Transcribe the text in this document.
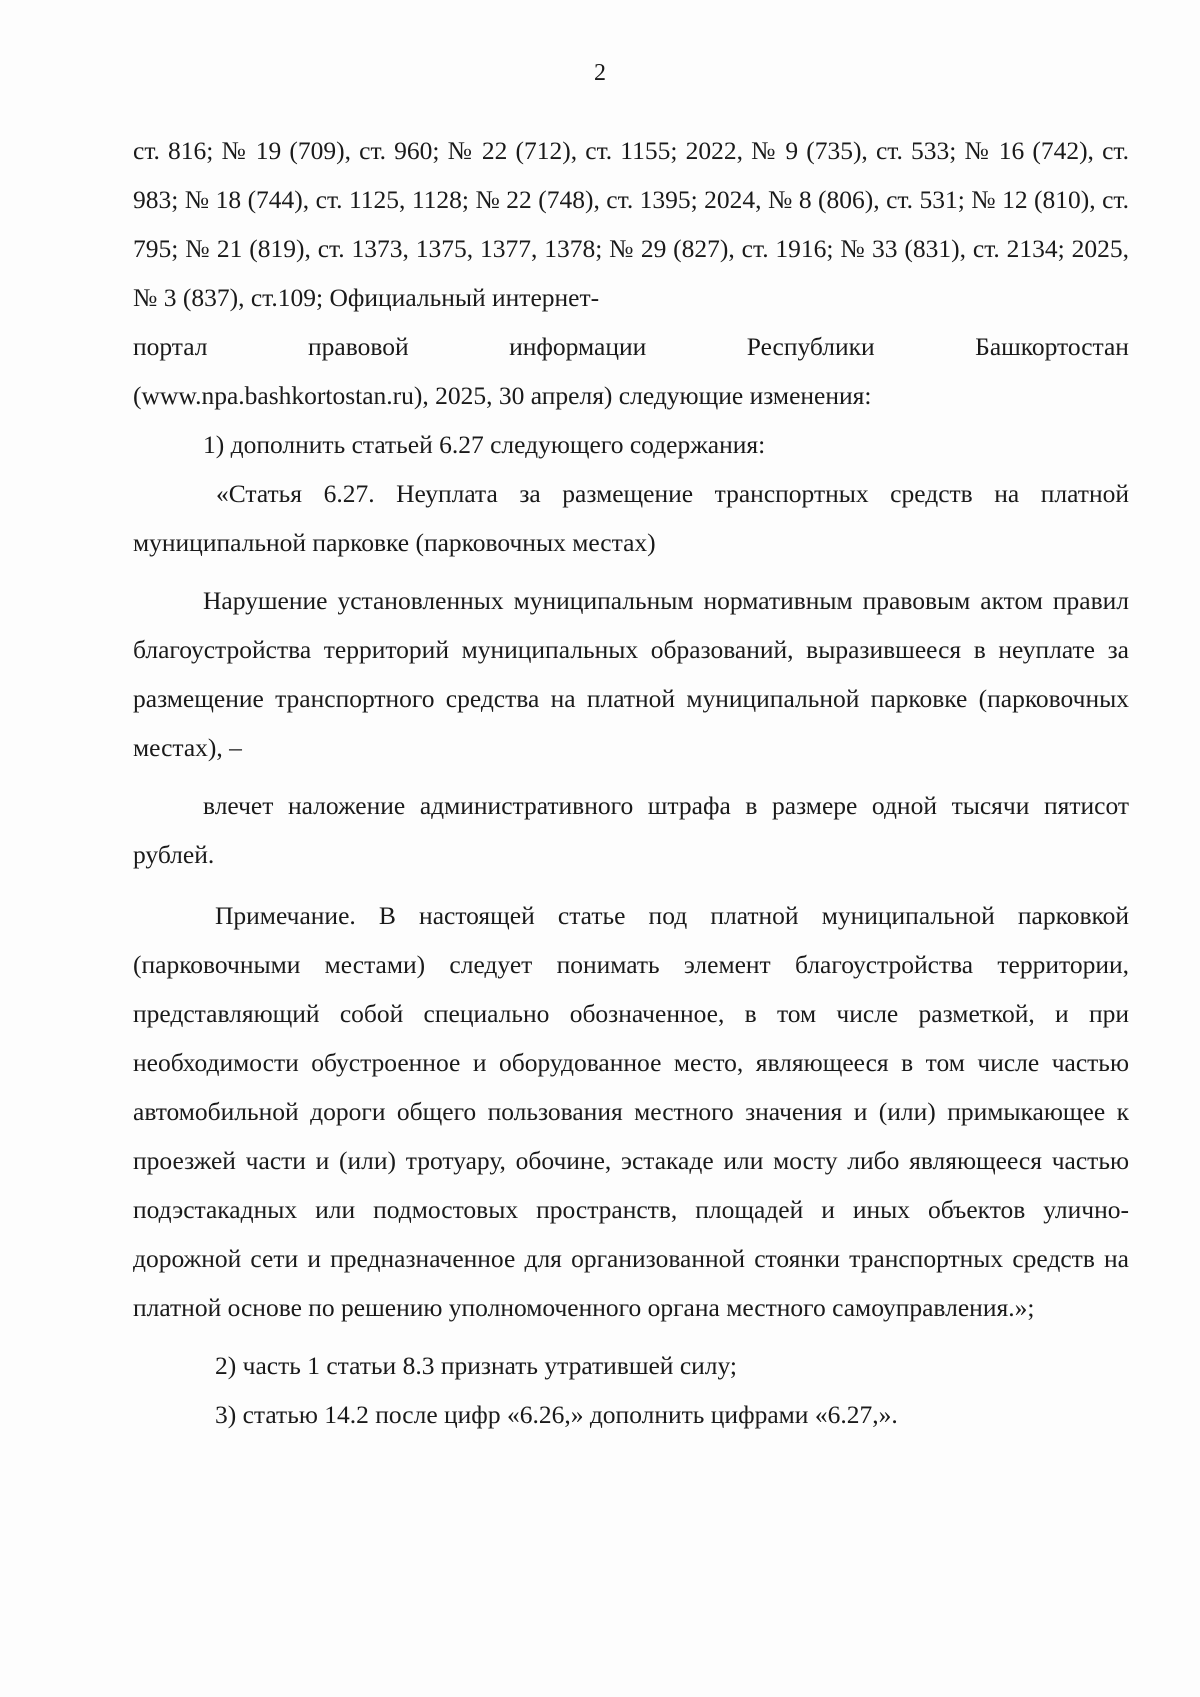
2

ст. 816; № 19 (709), ст. 960; № 22 (712), ст. 1155; 2022, № 9 (735), ст. 533; № 16 (742), ст. 983; № 18 (744), ст. 1125, 1128; № 22 (748), ст. 1395; 2024, № 8 (806), ст. 531; № 12 (810), ст. 795; № 21 (819), ст. 1373, 1375, 1377, 1378; № 29 (827), ст. 1916; № 33 (831), ст. 2134; 2025, № 3 (837), ст.109; Официальный интернет-

портал	правовой	информации	Республики	Башкортостан

(www.npa.bashkortostan.ru), 2025, 30 апреля) следующие изменения:

1) дополнить статьей 6.27 следующего содержания:

«Статья 6.27. Неуплата за размещение транспортных средств на платной муниципальной парковке (парковочных местах)

Нарушение установленных муниципальным нормативным правовым актом правил благоустройства территорий муниципальных образований, выразившееся в неуплате за размещение транспортного средства на платной муниципальной парковке (парковочных местах), –

влечет наложение административного штрафа в размере одной тысячи пятисот рублей.

Примечание. В настоящей статье под платной муниципальной парковкой (парковочными местами) следует понимать элемент благоустройства территории, представляющий собой специально обозначенное, в том числе разметкой, и при необходимости обустроенное и оборудованное место, являющееся в том числе частью автомобильной дороги общего пользования местного значения и (или) примыкающее к проезжей части и (или) тротуару, обочине, эстакаде или мосту либо являющееся частью подэстакадных или подмостовых пространств, площадей и иных объектов улично-дорожной сети и предназначенное для организованной стоянки транспортных средств на платной основе по решению уполномоченного органа местного самоуправления.»;

2) часть 1 статьи 8.3 признать утратившей силу;

3) статью 14.2 после цифр «6.26,» дополнить цифрами «6.27,».
